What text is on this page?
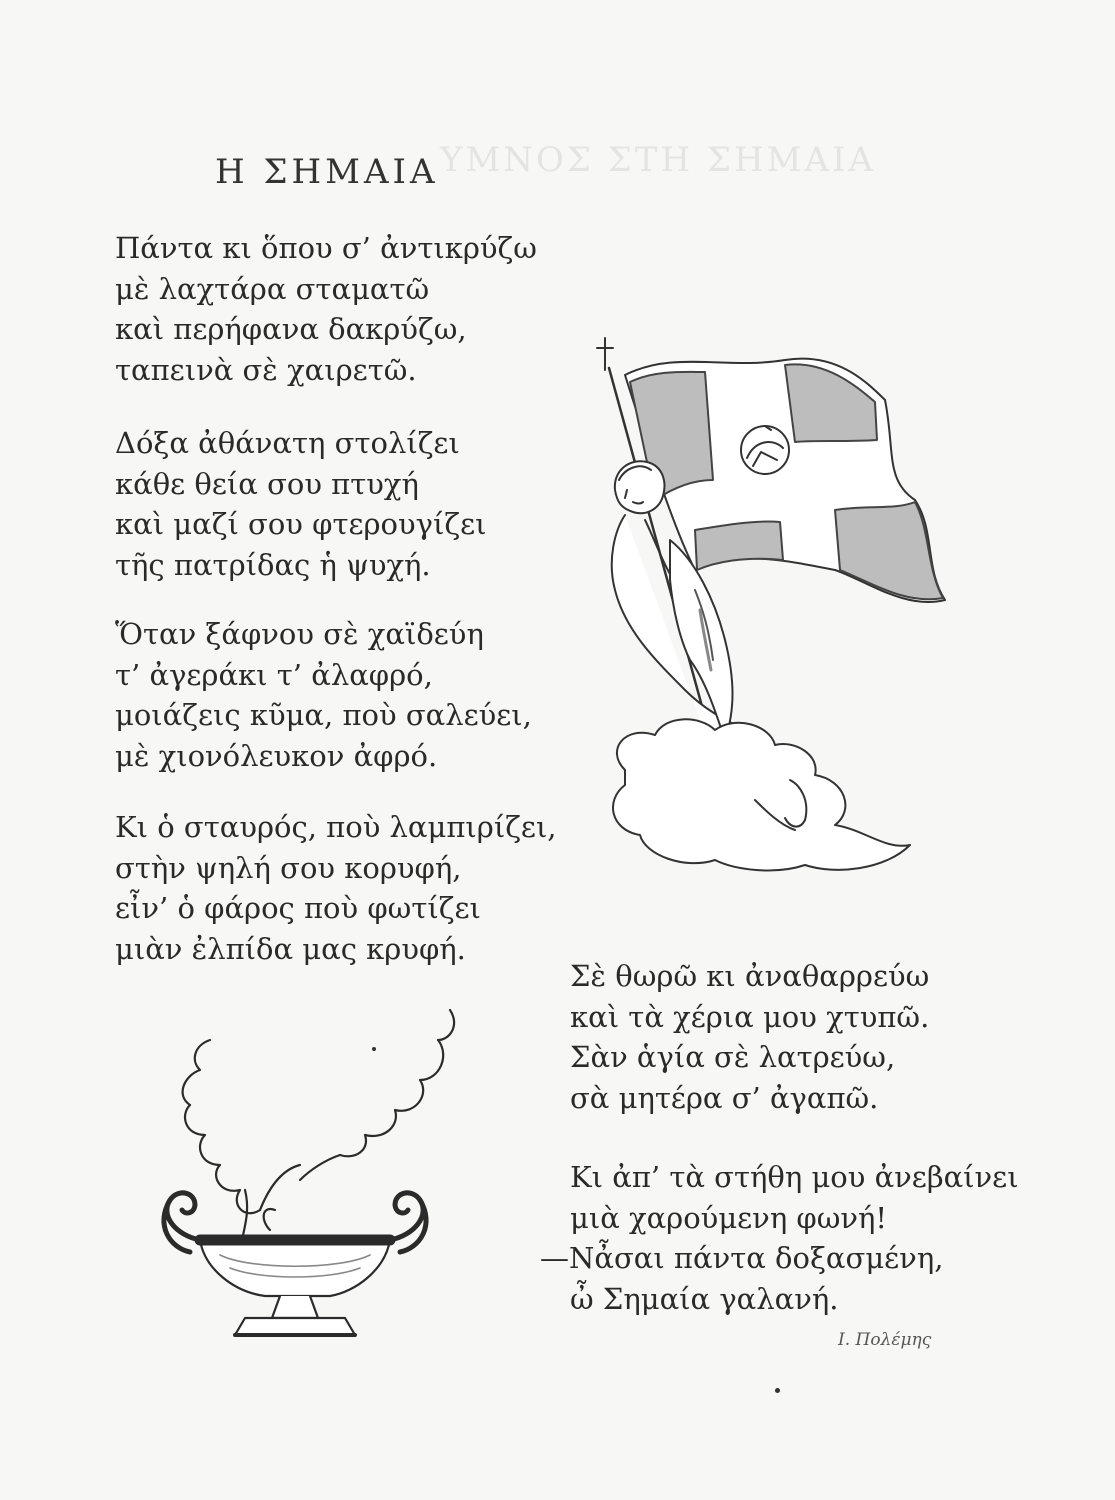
ΥΜΝΟΣ ΣΤΗ ΣΗΜΑΙΑ
Η ΣΗΜΑΙΑ
Πάντα κι ὅπου σ’ ἀντικρύζω
μὲ λαχτάρα σταματῶ
καὶ περήφανα δακρύζω,
ταπεινὰ σὲ χαιρετῶ.
Δόξα ἀθάνατη στολίζει
κάθε θεία σου πτυχή
καὶ μαζί σου φτερουγίζει
τῆς πατρίδας ἡ ψυχή.
Ὅταν ξάφνου σὲ χαϊδεύη
τ’ ἀγεράκι τ’ ἀλαφρό,
μοιάζεις κῦμα, ποὺ σαλεύει,
μὲ χιονόλευκον ἀφρό.
Κι ὁ σταυρός, ποὺ λαμπιρίζει,
στὴν ψηλή σου κορυφή,
εἶν’ ὁ φάρος ποὺ φωτίζει
μιὰν ἐλπίδα μας κρυφή.
Σὲ θωρῶ κι ἀναθαρρεύω
καὶ τὰ χέρια μου χτυπῶ.
Σὰν ἁγία σὲ λατρεύω,
σὰ μητέρα σ’ ἀγαπῶ.
Κι ἀπ’ τὰ στήθη μου ἀνεβαίνει
μιὰ χαρούμενη φωνή!
—Νἆσαι πάντα δοξασμένη,
ὦ Σημαία γαλανή.
Ι. Πολέμης
